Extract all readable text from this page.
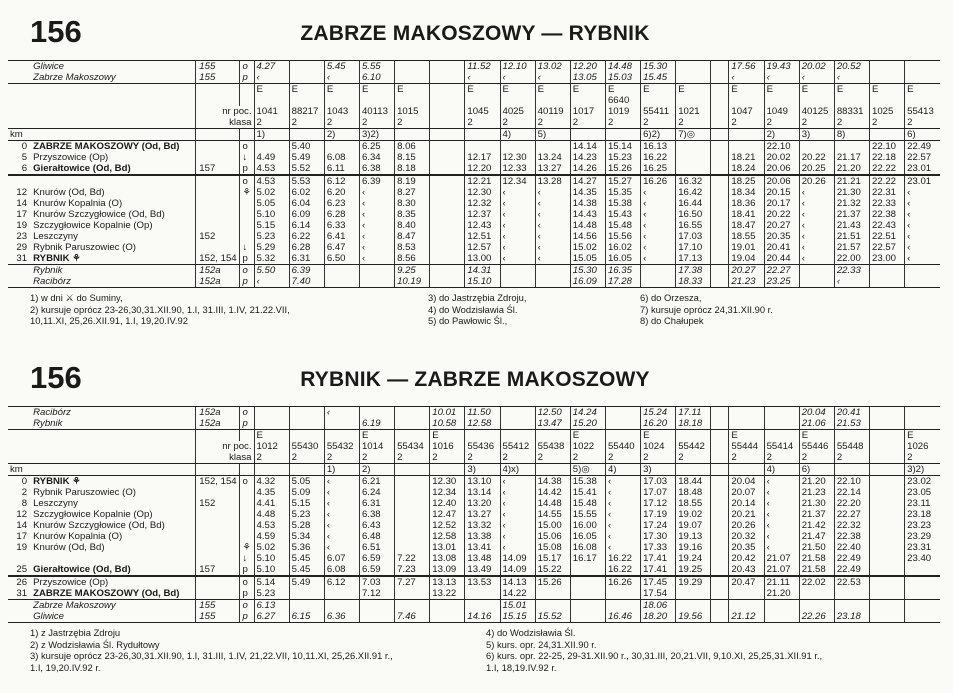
156	ZABRZE MAKOSZOWY — RYBNIK
	Gliwice	155	o	4.27		5.45	5.55			11.52	12.10	13.02	12.20	14.48	15.30			17.56	19.43	20.02	20.52		
	Zabrze Makoszowy	155	p	‹		‹	6.10			‹	‹	‹	13.05	15.03	15.45			‹	‹	‹	‹		
				E	E	E	E	E		E	E	E	E	E	E	E		E	E	E	E	E	E
														6640									
		nr poc.		1041	88217	1043	40113	1015		1045	4025	40119	1017	1019	55411	1021		1047	1049	40125	88331	1025	55413
		klasa		2	2	2	2	2		2	2	2	2	2	2	2		2	2	2	2	2	2
km				1)		2)	3)2)				4)	5)			6)2)	7)◎			2)	3)	8)		6)
0	ZABRZE MAKOSZOWY (Od, Bd)		o		5.40		6.25	8.06					14.14	15.14	16.13				22.10			22.10	22.49
5	Przyszowice (Op)		↓	4.49	5.49	6.08	6.34	8.15		12.17	12.30	13.24	14.23	15.23	16.22			18.21	20.02	20.22	21.17	22.18	22.57
6	Gierałtowice (Od, Bd)	157	p	4.53	5.52	6.11	6.38	8.18		12.20	12.33	13.27	14.26	15.26	16.25			18.24	20.06	20.25	21.20	22.22	23.01
			o	4.53	5.53	6.12	6.39	8.19		12.21	12.34	13.28	14.27	15.27	16.26	16.32		18.25	20.06	20.26	21.21	22.22	23.01
12	Knurów (Od, Bd)		⚘	5.02	6.02	6.20	‹	8.27		12.30	‹	‹	14.35	15.35	‹	16.42		18.34	20.15	‹	21.30	22.31	‹
14	Knurów Kopalnia (O)			5.05	6.04	6.23	‹	8.30		12.32	‹	‹	14.38	15.38	‹	16.44		18.36	20.17	‹	21.32	22.33	‹
17	Knurów Szczygłowice (Od, Bd)			5.10	6.09	6.28	‹	8.35		12.37	‹	‹	14.43	15.43	‹	16.50		18.41	20.22	‹	21.37	22.38	‹
19	Szczygłowice Kopalnie (Op)			5.15	6.14	6.33	‹	8.40		12.43	‹	‹	14.48	15.48	‹	16.55		18.47	20.27	‹	21.43	22.43	‹
23	Leszczyny	152		5.23	6.22	6.41	‹	8.47		12.51	‹	‹	14.56	15.56	‹	17.03		18.55	20.35	‹	21.51	22.51	‹
29	Rybnik Paruszowiec (O)		↓	5.29	6.28	6.47	‹	8.53		12.57	‹	‹	15.02	16.02	‹	17.10		19.01	20.41	‹	21.57	22.57	‹
31	RYBNIK ⚘	152, 154	p	5.32	6.31	6.50	‹	8.56		13.00	‹	‹	15.05	16.05	‹	17.13		19.04	20.44	‹	22.00	23.00	‹
	Rybnik	152a	o	5.50	6.39			9.25		14.31			15.30	16.35		17.38		20.27	22.27		22.33		
	Racibórz	152a	p	‹	7.40			10.19		15.10			16.09	17.28		18.33		21.23	23.25		‹		
1) w dni ⚔ do Suminy,
2) kursuje oprócz 23-26,30,31.XII.90, 1.I, 31.III, 1.IV, 21.22.VII,
10,11.XI, 25,26.XII.91, 1.I, 19,20.IV.92
3) do Jastrzębia Zdroju,
4) do Wodzisławia Śl.
5) do Pawłowic Śl.,
6) do Orzesza,
7) kursuje oprócz 24,31.XII.90 r.
8) do Chałupek
156	RYBNIK — ZABRZE MAKOSZOWY
	Racibórz	152a	o			‹			10.01	11.50		12.50	14.24		15.24	17.11				20.04	20.41		
	Rybnik	152a	p				6.19		10.58	12.58		13.47	15.20		16.20	18.18				21.06	21.53		
				E			E		E				E		E			E		E			E
		nr poc.		1012	55430	55432	1014	55434	1016	55436	55412	55438	1022	55440	1024	55442		55444	55414	55446	55448		1026
		klasa		2	2	2	2	2	2	2	2	2	2	2	2	2		2	2	2	2		2
km						1)	2)			3)	4)x)		5)◎	4)	3)				4)	6)			3)2)
0	RYBNIK ⚘	152, 154	o	4.32	5.05	‹	6.21		12.30	13.10	‹	14.38	15.38	‹	17.03	18.44		20.04	‹	21.20	22.10		23.02
2	Rybnik Paruszowiec (O)			4.35	5.09	‹	6.24		12.34	13.14	‹	14.42	15.41	‹	17.07	18.48		20.07	‹	21.23	22.14		23.05
8	Leszczyny	152		4.41	5.15	‹	6.31		12.40	13.20	‹	14.48	15.48	‹	17.12	18.55		20.14	‹	21.30	22.20		23.11
12	Szczygłowice Kopalnie (Op)			4.48	5.23	‹	6.38		12.47	13.27	‹	14.55	15.55	‹	17.19	19.02		20.21	‹	21.37	22.27		23.18
14	Knurów Szczygłowice (Od, Bd)			4.53	5.28	‹	6.43		12.52	13.32	‹	15.00	16.00	‹	17.24	19.07		20.26	‹	21.42	22.32		23.23
17	Knurów Kopalnia (O)			4.59	5.34	‹	6.48		12.58	13.38	‹	15.06	16.05	‹	17.30	19.13		20.32	‹	21.47	22.38		23.29
19	Knurów (Od, Bd)		⚘	5.02	5.36	‹	6.51		13.01	13.41	‹	15.08	16.08	‹	17.33	19.16		20.35	‹	21.50	22.40		23.31
			↓	5.10	5.45	6.07	6.59	7.22	13.08	13.48	14.09	15.17	16.17	16.22	17.41	19.24		20.42	21.07	21.58	22.49		23.40
25	Gierałtowice (Od, Bd)	157	p	5.10	5.45	6.08	6.59	7.23	13.09	13.49	14.09	15.22		16.22	17.41	19.25		20.43	21.07	21.58	22.49		
26	Przyszowice (Op)		o	5.14	5.49	6.12	7.03	7.27	13.13	13.53	14.13	15.26		16.26	17.45	19.29		20.47	21.11	22.02	22.53		
31	ZABRZE MAKOSZOWY (Od, Bd)		p	5.23			7.12		13.22		14.22				17.54				21.20				
	Zabrze Makoszowy	155	o	6.13							15.01				18.06								
	Gliwice	155	p	6.27	6.15	6.36		7.46		14.16	15.15	15.52		16.46	18.20	19.56		21.12		22.26	23.18		
1) z Jastrzębia Zdroju
2) z Wodzisławia Śl. Rydułtowy
3) kursuje oprócz 23-26,30,31.XII.90, 1.I, 31.III, 1.IV, 21,22.VII, 10,11.XI, 25,26.XII.91 r.,
1.I, 19,20.IV.92 r.
4) do Wodzisławia Śl.
5) kurs. opr. 24,31.XII.90 r.
6) kurs. opr. 22-25, 29-31.XII.90 r., 30,31.III, 20,21.VII, 9,10.XI, 25,25,31.XII.91 r.,
1.I, 18,19.IV.92 r.
